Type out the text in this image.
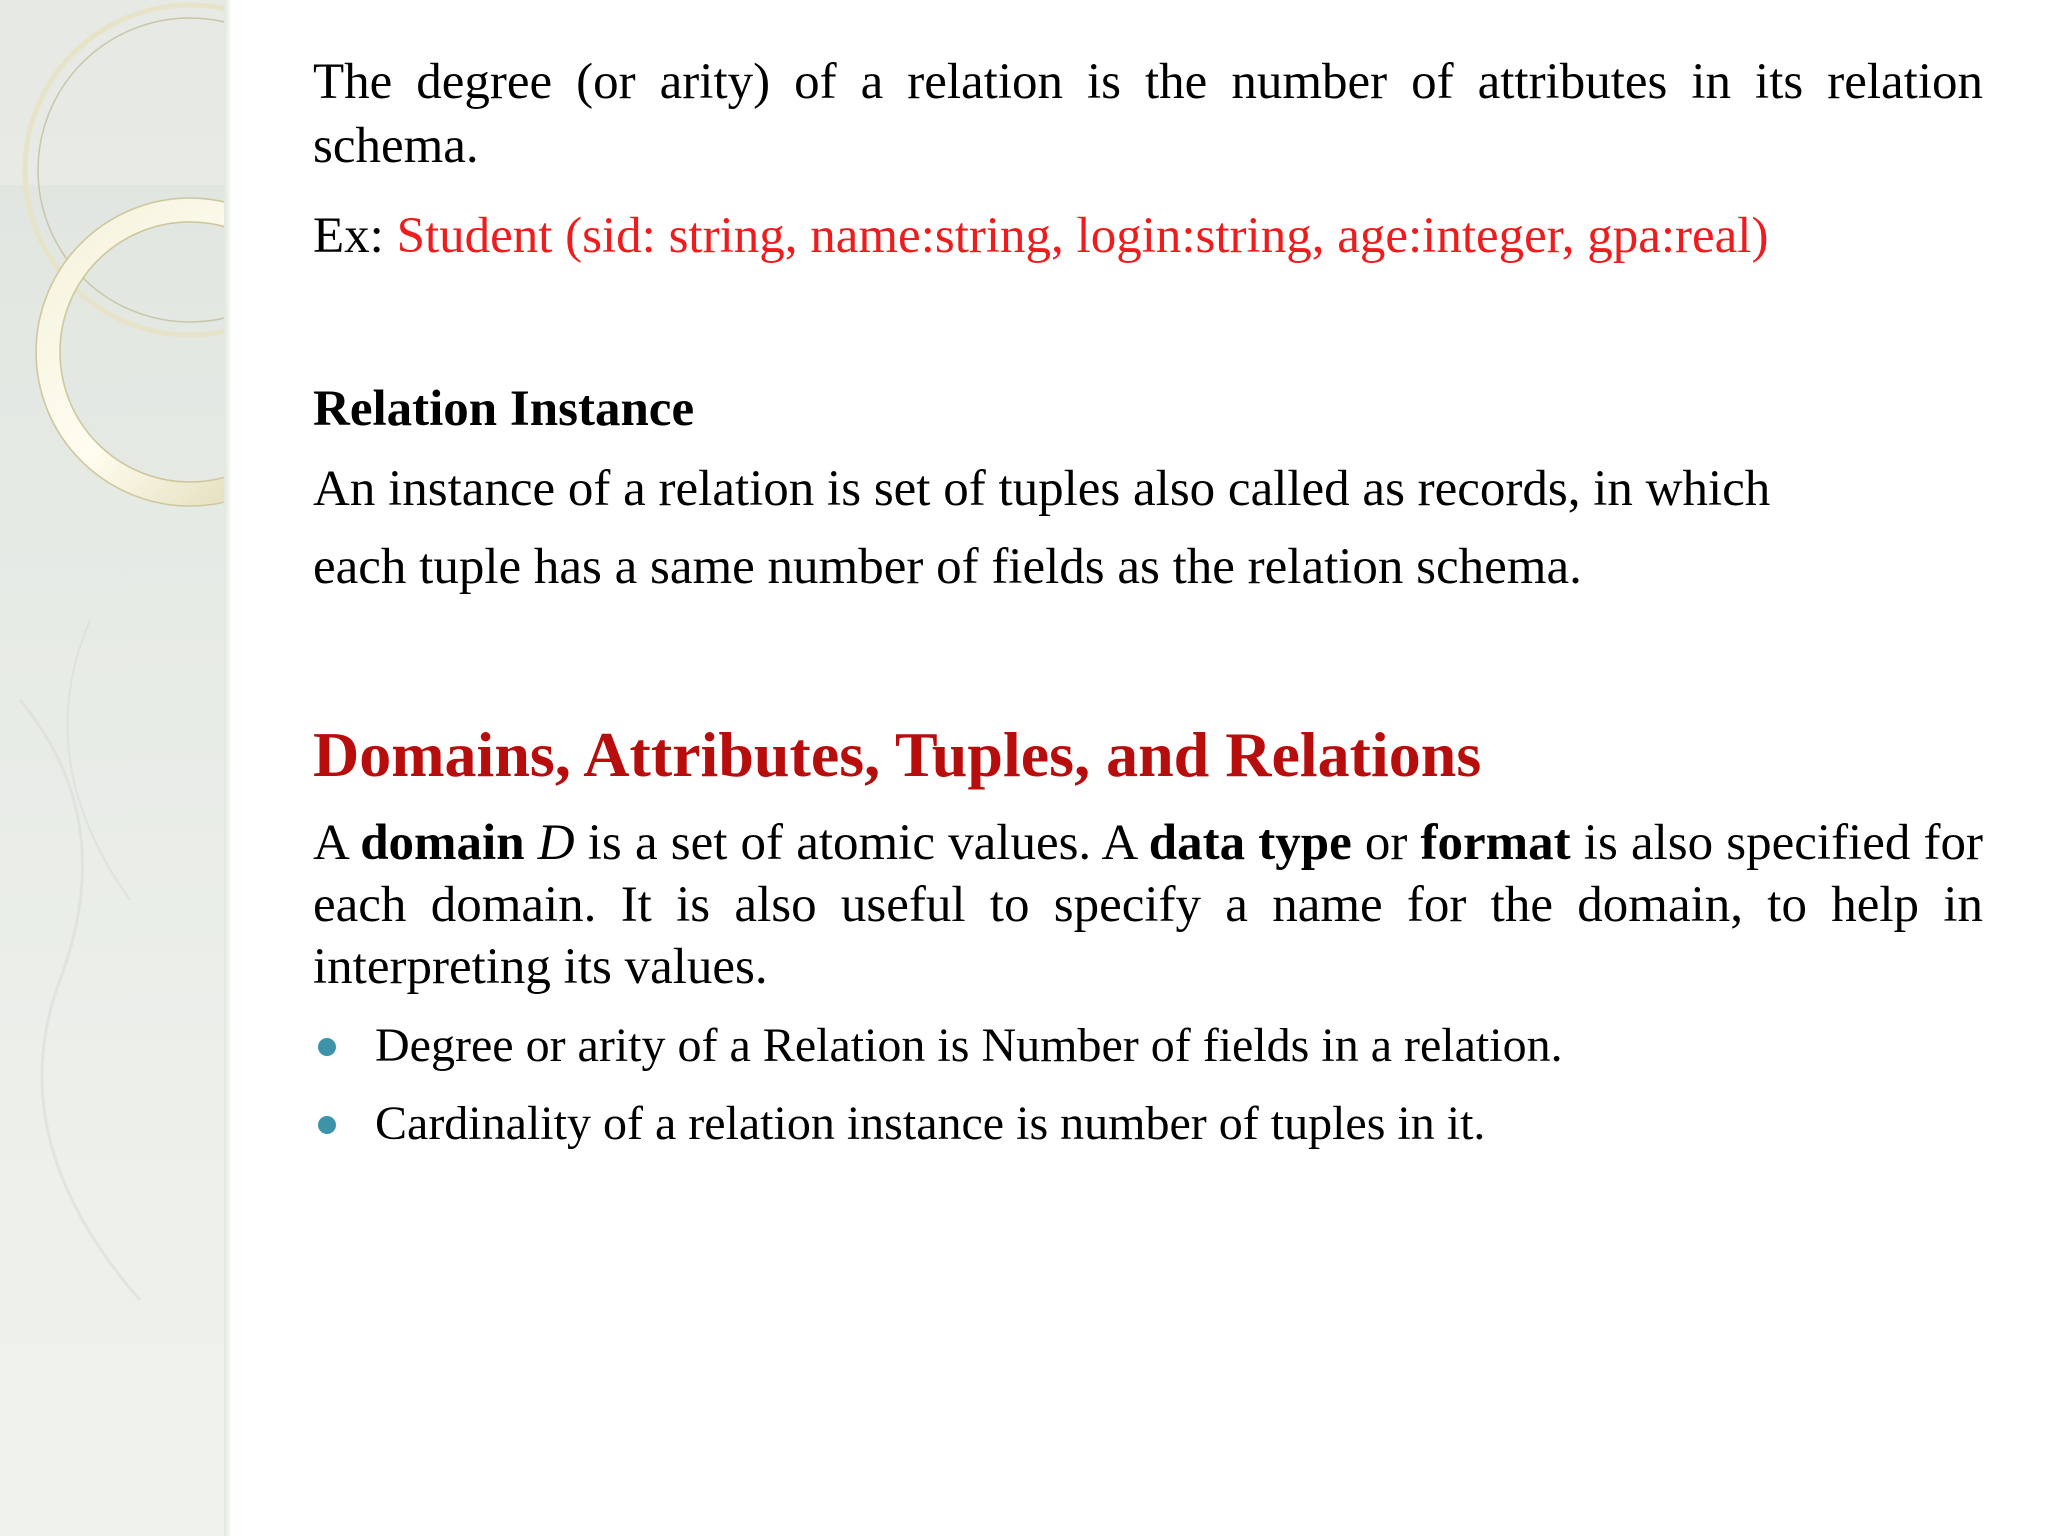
The degree (or arity) of a relation is the number of attributes in its relation schema.

Ex: Student (sid: string, name:string, login:string, age:integer, gpa:real)

Relation Instance

An instance of a relation is set of tuples also called as records, in which

each tuple has a same number of fields as the relation schema.

Domains, Attributes, Tuples, and Relations

A domain D is a set of atomic values. A data type or format is also specified for each domain. It is also useful to specify a name for the domain, to help in interpreting its values.

Degree or arity of a Relation is Number of fields in a relation.
Cardinality of a relation instance is number of tuples in it.
